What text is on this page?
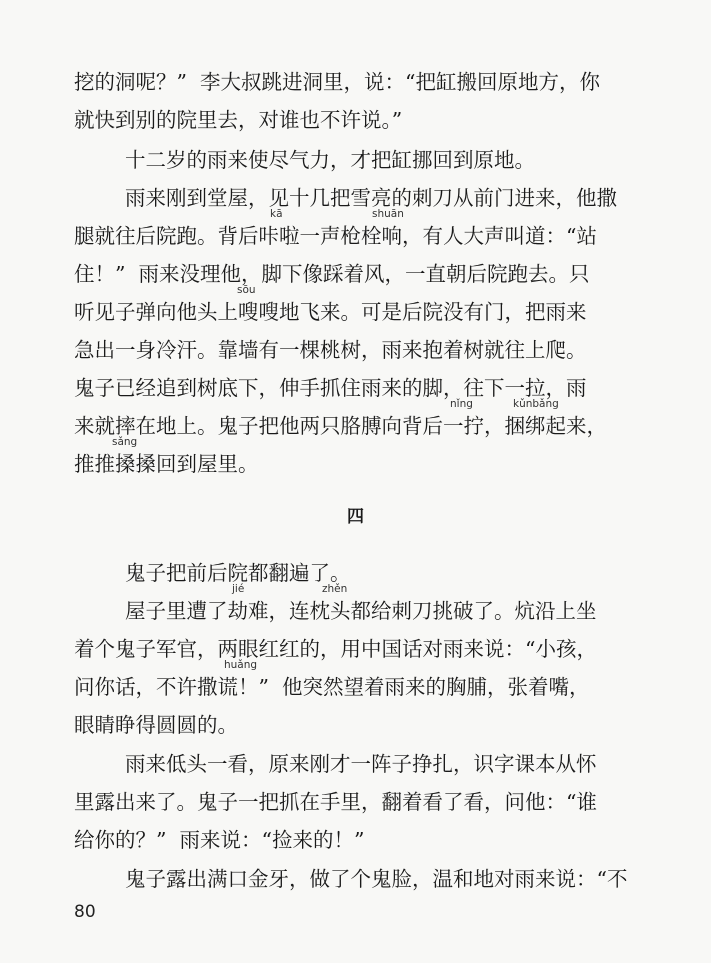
挖的洞呢？”  李大叔跳进洞里，说：“把缸搬回原地方，你
就快到别的院里去，对谁也不许说。”
十二岁的雨来使尽气力，才把缸挪回到原地。
雨来刚到堂屋，见十几把雪亮的刺刀从前门进来，他撒
kā	shuān
腿就往后院跑。背后咔啦一声枪栓响，有人大声叫道：“站
住！”  雨来没理他，脚下像踩着风，一直朝后院跑去。只
sōu
听见子弹向他头上嗖嗖地飞来。可是后院没有门，把雨来
急出一身冷汗。靠墙有一棵桃树，雨来抱着树就往上爬。
鬼子已经追到树底下，伸手抓住雨来的脚，往下一拉，雨
nǐng	kǔnbǎng
来就摔在地上。鬼子把他两只胳膊向背后一拧，捆绑起来，
sǎng
推推搡搡回到屋里。
四
鬼子把前后院都翻遍了。
jié	zhěn
屋子里遭了劫难，连枕头都给刺刀挑破了。炕沿上坐
着个鬼子军官，两眼红红的，用中国话对雨来说：“小孩，
huǎng
问你话，不许撒谎！”  他突然望着雨来的胸脯，张着嘴，
眼睛睁得圆圆的。
雨来低头一看，原来刚才一阵子挣扎，识字课本从怀
里露出来了。鬼子一把抓在手里，翻着看了看，问他：“谁
给你的？”  雨来说：“捡来的！”
鬼子露出满口金牙，做了个鬼脸，温和地对雨来说：“不
80
